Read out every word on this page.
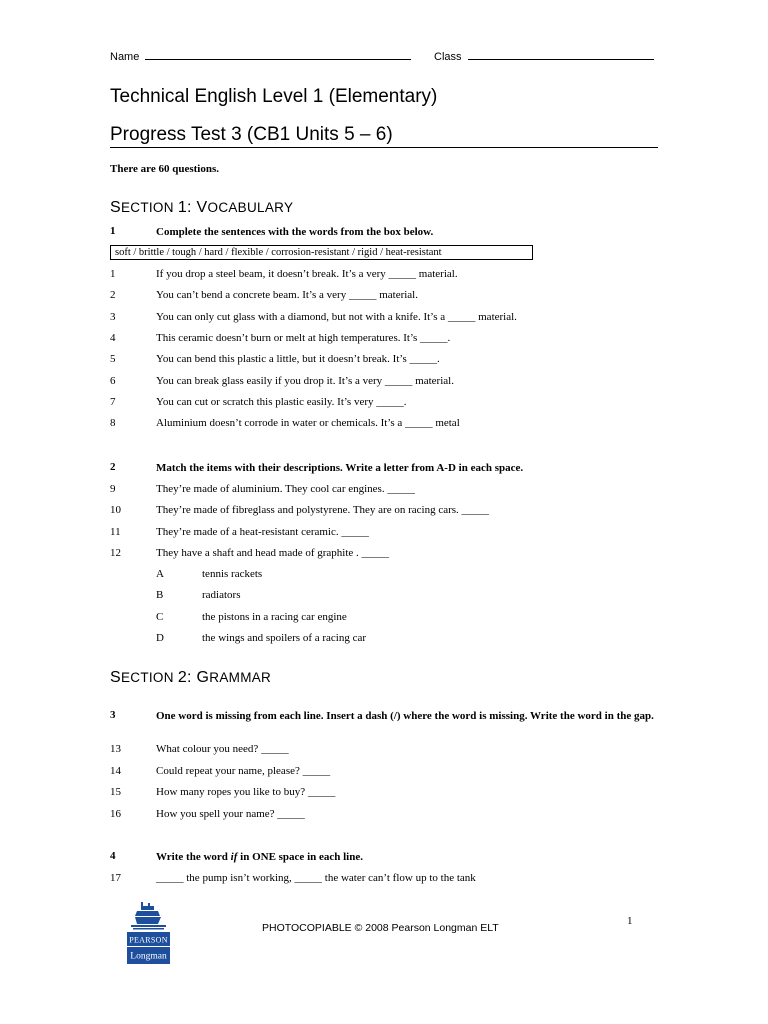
Name	Class
Technical English Level 1 (Elementary)
Progress Test 3 (CB1 Units 5 – 6)
There are 60 questions.
SECTION 1: VOCABULARY
1	Complete the sentences with the words from the box below.
soft / brittle / tough / hard / flexible / corrosion-resistant / rigid / heat-resistant
1	If you drop a steel beam, it doesn’t break. It’s a very _____ material.
2	You can’t bend a concrete beam. It’s a very _____ material.
3	You can only cut glass with a diamond, but not with a knife. It’s a _____ material.
4	This ceramic doesn’t burn or melt at high temperatures. It’s _____.
5	You can bend this plastic a little, but it doesn’t break. It’s _____.
6	You can break glass easily if you drop it. It’s a very _____ material.
7	You can cut or scratch this plastic easily. It’s very _____.
8	Aluminium doesn’t corrode in water or chemicals. It’s a _____ metal
2	Match the items with their descriptions. Write a letter from A-D in each space.
9	They’re made of aluminium. They cool car engines. _____
10	They’re made of fibreglass and polystyrene. They are on racing cars. _____
11	They’re made of a heat-resistant ceramic. _____
12	They have a shaft and head made of graphite . _____
A	tennis rackets
B	radiators
C	the pistons in a racing car engine
D	the wings and spoilers of a racing car
SECTION 2: GRAMMAR
3	One word is missing from each line. Insert a dash (/) where the word is missing. Write the word in the gap.
13	What colour you need? _____
14	Could repeat your name, please? _____
15	How many ropes you like to buy? _____
16	How you spell your name? _____
4	Write the word if in ONE space in each line.
17	_____ the pump isn’t working, _____ the water can’t flow up to the tank
PEARSON
Longman
PHOTOCOPIABLE © 2008 Pearson Longman ELT
1
